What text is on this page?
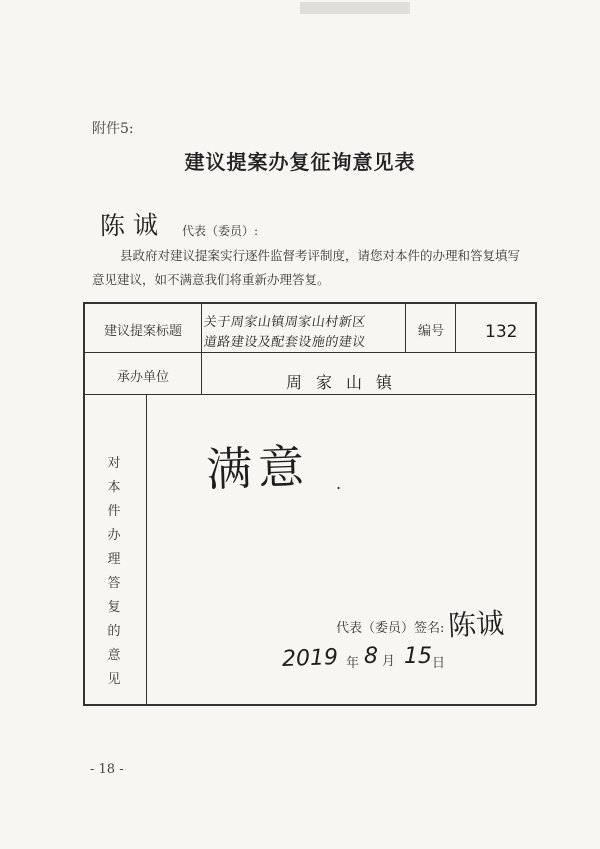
附件5:
建议提案办复征询意见表
陈 诚 代表（委员）:
县政府对建议提案实行逐件监督考评制度，请您对本件的办理和答复填写意见建议，如不满意我们将重新办理答复。
建议提案标题
关于周家山镇周家山村新区
道路建设及配套设施的建议
编号	132
承办单位	周家山镇
对本件办理答复的意见
满意 .
代表（委员）签名: 陈诚
2019 年 8 月 15 日
- 18 -
